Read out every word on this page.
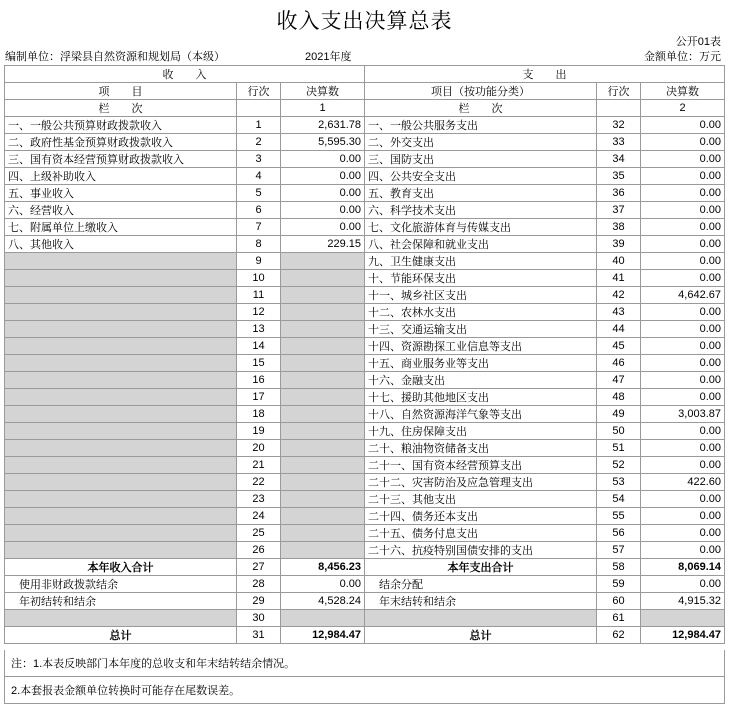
收入支出决算总表
公开01表
编制单位：浮梁县自然资源和规划局（本级）	2021年度	金额单位：万元
收　　入			支　　出		
项　　目	行次	决算数	项目（按功能分类）	行次	决算数
栏　　次		1	栏　　次		2
一、一般公共预算财政拨款收入	1	2,631.78	一、一般公共服务支出	32	0.00
二、政府性基金预算财政拨款收入	2	5,595.30	二、外交支出	33	0.00
三、国有资本经营预算财政拨款收入	3	0.00	三、国防支出	34	0.00
四、上级补助收入	4	0.00	四、公共安全支出	35	0.00
五、事业收入	5	0.00	五、教育支出	36	0.00
六、经营收入	6	0.00	六、科学技术支出	37	0.00
七、附属单位上缴收入	7	0.00	七、文化旅游体育与传媒支出	38	0.00
八、其他收入	8	229.15	八、社会保障和就业支出	39	0.00
	9		九、卫生健康支出	40	0.00
	10		十、节能环保支出	41	0.00
	11		十一、城乡社区支出	42	4,642.67
	12		十二、农林水支出	43	0.00
	13		十三、交通运输支出	44	0.00
	14		十四、资源勘探工业信息等支出	45	0.00
	15		十五、商业服务业等支出	46	0.00
	16		十六、金融支出	47	0.00
	17		十七、援助其他地区支出	48	0.00
	18		十八、自然资源海洋气象等支出	49	3,003.87
	19		十九、住房保障支出	50	0.00
	20		二十、粮油物资储备支出	51	0.00
	21		二十一、国有资本经营预算支出	52	0.00
	22		二十二、灾害防治及应急管理支出	53	422.60
	23		二十三、其他支出	54	0.00
	24		二十四、债务还本支出	55	0.00
	25		二十五、债务付息支出	56	0.00
	26		二十六、抗疫特别国债安排的支出	57	0.00
本年收入合计	27	8,456.23	本年支出合计	58	8,069.14
　使用非财政拨款结余	28	0.00	　结余分配	59	0.00
　年初结转和结余	29	4,528.24	　年末结转和结余	60	4,915.32
	30			61	
总计	31	12,984.47	总计	62	12,984.47
注：1.本表反映部门本年度的总收支和年末结转结余情况。
2.本套报表金额单位转换时可能存在尾数误差。
